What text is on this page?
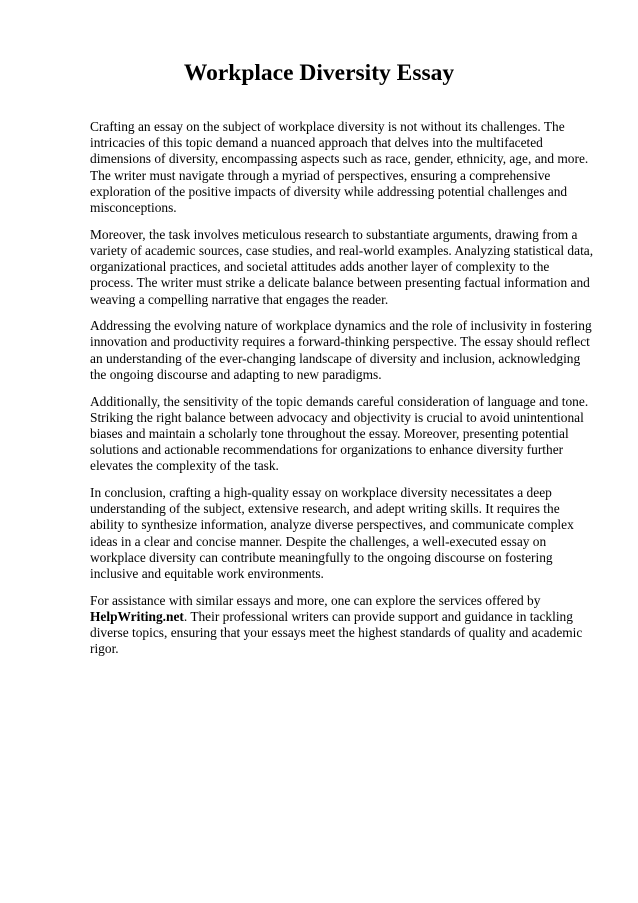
Workplace Diversity Essay

Crafting an essay on the subject of workplace diversity is not without its challenges. The intricacies of this topic demand a nuanced approach that delves into the multifaceted dimensions of diversity, encompassing aspects such as race, gender, ethnicity, age, and more. The writer must navigate through a myriad of perspectives, ensuring a comprehensive exploration of the positive impacts of diversity while addressing potential challenges and misconceptions.

Moreover, the task involves meticulous research to substantiate arguments, drawing from a variety of academic sources, case studies, and real-world examples. Analyzing statistical data, organizational practices, and societal attitudes adds another layer of complexity to the process. The writer must strike a delicate balance between presenting factual information and weaving a compelling narrative that engages the reader.

Addressing the evolving nature of workplace dynamics and the role of inclusivity in fostering innovation and productivity requires a forward-thinking perspective. The essay should reflect an understanding of the ever-changing landscape of diversity and inclusion, acknowledging the ongoing discourse and adapting to new paradigms.

Additionally, the sensitivity of the topic demands careful consideration of language and tone. Striking the right balance between advocacy and objectivity is crucial to avoid unintentional biases and maintain a scholarly tone throughout the essay. Moreover, presenting potential solutions and actionable recommendations for organizations to enhance diversity further elevates the complexity of the task.

In conclusion, crafting a high-quality essay on workplace diversity necessitates a deep understanding of the subject, extensive research, and adept writing skills. It requires the ability to synthesize information, analyze diverse perspectives, and communicate complex ideas in a clear and concise manner. Despite the challenges, a well-executed essay on workplace diversity can contribute meaningfully to the ongoing discourse on fostering inclusive and equitable work environments.

For assistance with similar essays and more, one can explore the services offered by HelpWriting.net. Their professional writers can provide support and guidance in tackling diverse topics, ensuring that your essays meet the highest standards of quality and academic rigor.
